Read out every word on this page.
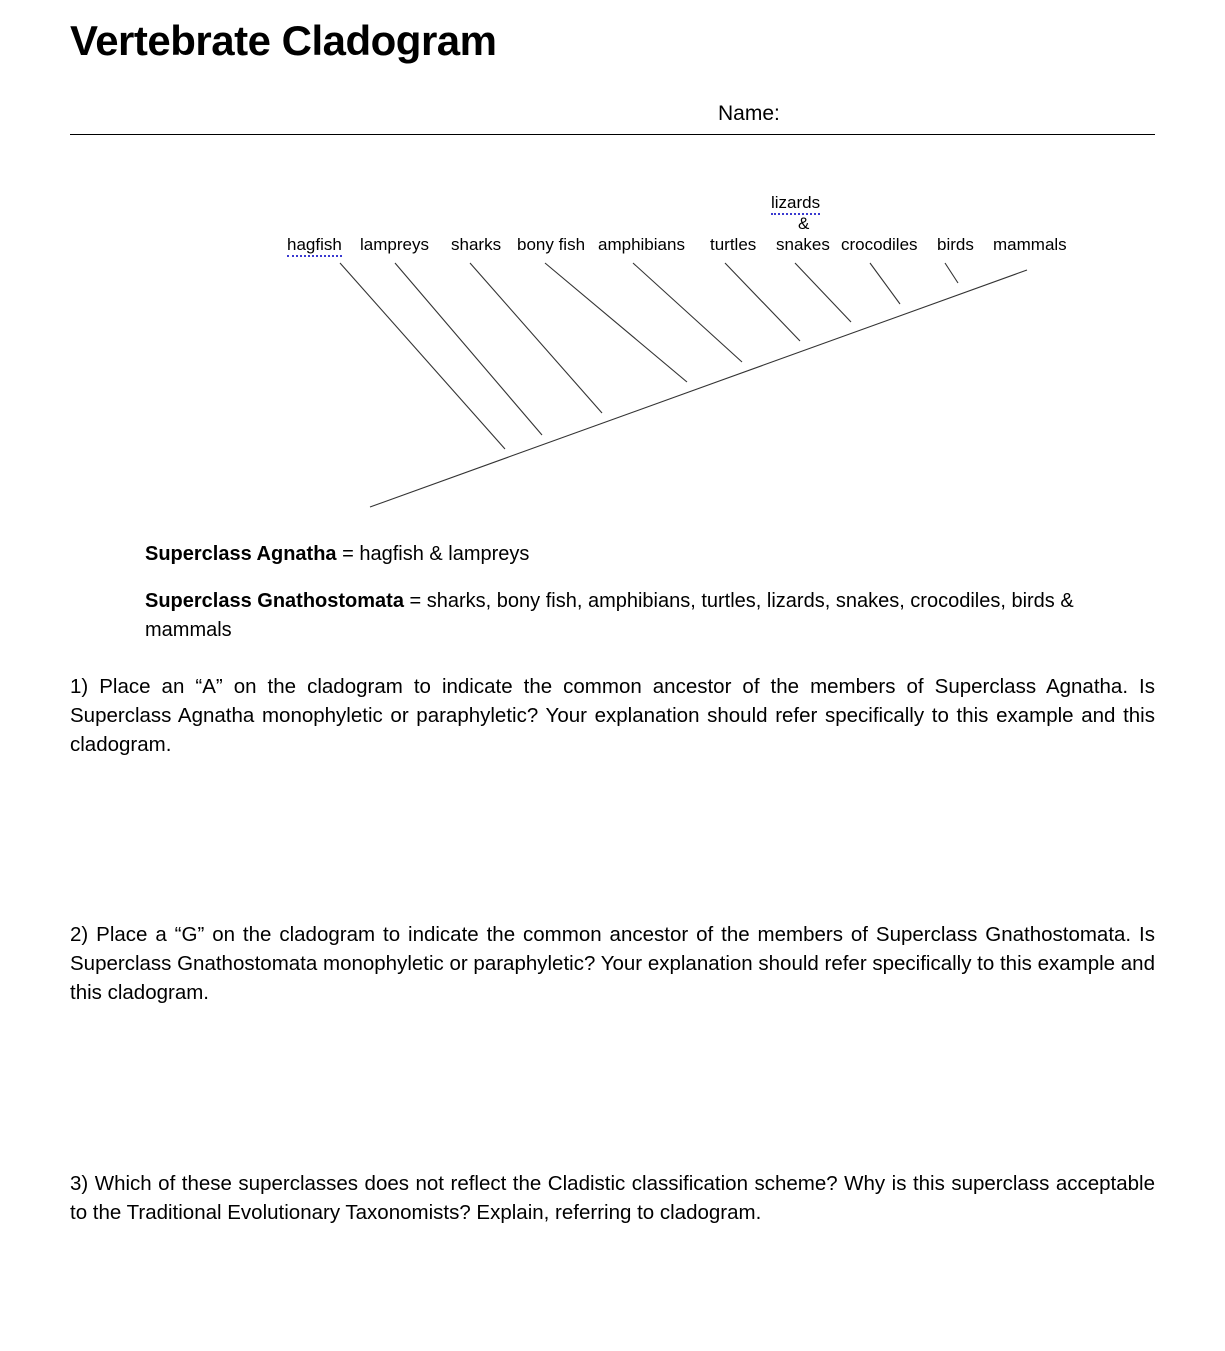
Vertebrate Cladogram
Name:
hagfish lampreys sharks bony fish amphibians turtles
lizards
&
snakes crocodiles birds mammals
Superclass Agnatha = hagfish & lampreys
Superclass Gnathostomata = sharks, bony fish, amphibians, turtles, lizards, snakes, crocodiles, birds & mammals
1) Place an “A” on the cladogram to indicate the common ancestor of the members of Superclass Agnatha. Is Superclass Agnatha monophyletic or paraphyletic? Your explanation should refer specifically to this example and this cladogram.
2) Place a “G” on the cladogram to indicate the common ancestor of the members of Superclass Gnathostomata. Is Superclass Gnathostomata monophyletic or paraphyletic? Your explanation should refer specifically to this example and this cladogram.
3) Which of these superclasses does not reflect the Cladistic classification scheme? Why is this superclass acceptable to the Traditional Evolutionary Taxonomists? Explain, referring to cladogram.
